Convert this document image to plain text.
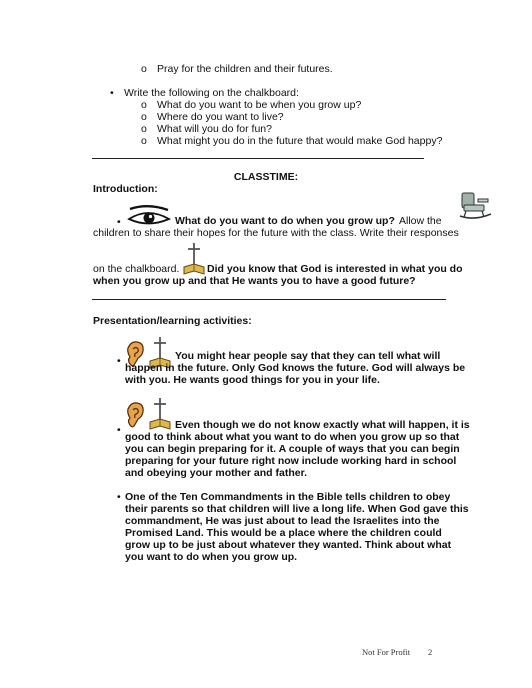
o Pray for the children and their futures.
• Write the following on the chalkboard:
o What do you want to be when you grow up?
o Where do you want to live?
o What will you do for fun?
o What might you do in the future that would make God happy?
CLASSTIME:
Introduction:
•	What do you want to do when you grow up? Allow the
children to share their hopes for the future with the class. Write their responses
on the chalkboard.	Did you know that God is interested in what you do
when you grow up and that He wants you to have a good future?
Presentation/learning activities:
•	You might hear people say that they can tell what will
happen in the future. Only God knows the future. God will always be
with you. He wants good things for you in your life.
•	Even though we do not know exactly what will happen, it is
good to think about what you want to do when you grow up so that
you can begin preparing for it. A couple of ways that you can begin
preparing for your future right now include working hard in school
and obeying your mother and father.
• One of the Ten Commandments in the Bible tells children to obey
their parents so that children will live a long life. When God gave this
commandment, He was just about to lead the Israelites into the
Promised Land. This would be a place where the children could
grow up to be just about whatever they wanted. Think about what
you want to do when you grow up.
Not For Profit 2
